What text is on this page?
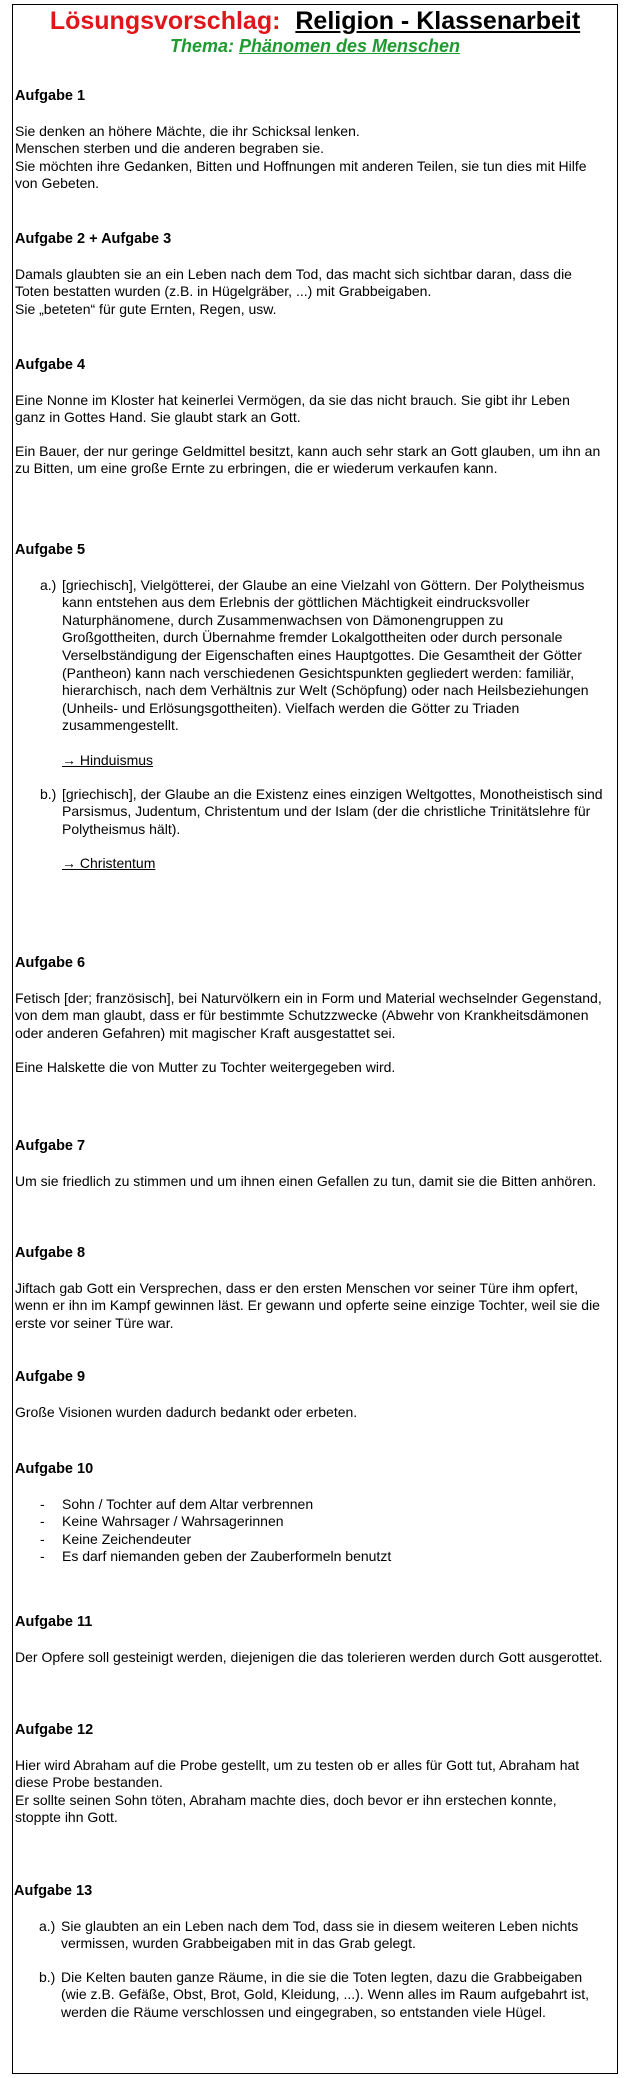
Lösungsvorschlag: Religion - Klassenarbeit
Thema: Phänomen des Menschen

Aufgabe 1

Sie denken an höhere Mächte, die ihr Schicksal lenken.

Menschen sterben und die anderen begraben sie.

Sie möchten ihre Gedanken, Bitten und Hoffnungen mit anderen Teilen, sie tun dies mit Hilfe von Gebeten.

Aufgabe 2 + Aufgabe 3

Damals glaubten sie an ein Leben nach dem Tod, das macht sich sichtbar daran, dass die Toten bestatten wurden (z.B. in Hügelgräber, ...) mit Grabbeigaben.

Sie „beteten“ für gute Ernten, Regen, usw.

Aufgabe 4

Eine Nonne im Kloster hat keinerlei Vermögen, da sie das nicht brauch. Sie gibt ihr Leben ganz in Gottes Hand. Sie glaubt stark an Gott.

Ein Bauer, der nur geringe Geldmittel besitzt, kann auch sehr stark an Gott glauben, um ihn an zu Bitten, um eine große Ernte zu erbringen, die er wiederum verkaufen kann.

Aufgabe 5

a.) [griechisch], Vielgötterei, der Glaube an eine Vielzahl von Göttern. Der Polytheismus kann entstehen aus dem Erlebnis der göttlichen Mächtigkeit eindrucksvoller Naturphänomene, durch Zusammenwachsen von Dämonengruppen zu Großgottheiten, durch Übernahme fremder Lokalgottheiten oder durch personale Verselbständigung der Eigenschaften eines Hauptgottes. Die Gesamtheit der Götter (Pantheon) kann nach verschiedenen Gesichtspunkten gegliedert werden: familiär, hierarchisch, nach dem Verhältnis zur Welt (Schöpfung) oder nach Heilsbeziehungen (Unheils- und Erlösungsgottheiten). Vielfach werden die Götter zu Triaden zusammengestellt.

→ Hinduismus

b.) [griechisch], der Glaube an die Existenz eines einzigen Weltgottes, Monotheistisch sind Parsismus, Judentum, Christentum und der Islam (der die christliche Trinitätslehre für Polytheismus hält).

→ Christentum

Aufgabe 6

Fetisch [der; französisch], bei Naturvölkern ein in Form und Material wechselnder Gegenstand, von dem man glaubt, dass er für bestimmte Schutzzwecke (Abwehr von Krankheitsdämonen oder anderen Gefahren) mit magischer Kraft ausgestattet sei.

Eine Halskette die von Mutter zu Tochter weitergegeben wird.

Aufgabe 7

Um sie friedlich zu stimmen und um ihnen einen Gefallen zu tun, damit sie die Bitten anhören.

Aufgabe 8

Jiftach gab Gott ein Versprechen, dass er den ersten Menschen vor seiner Türe ihm opfert, wenn er ihn im Kampf gewinnen läst. Er gewann und opferte seine einzige Tochter, weil sie die erste vor seiner Türe war.

Aufgabe 9

Große Visionen wurden dadurch bedankt oder erbeten.

Aufgabe 10

- Sohn / Tochter auf dem Altar verbrennen
- Keine Wahrsager / Wahrsagerinnen
- Keine Zeichendeuter
- Es darf niemanden geben der Zauberformeln benutzt

Aufgabe 11

Der Opfere soll gesteinigt werden, diejenigen die das tolerieren werden durch Gott ausgerottet.

Aufgabe 12

Hier wird Abraham auf die Probe gestellt, um zu testen ob er alles für Gott tut, Abraham hat diese Probe bestanden.

Er sollte seinen Sohn töten, Abraham machte dies, doch bevor er ihn erstechen konnte, stoppte ihn Gott.

Aufgabe 13

a.) Sie glaubten an ein Leben nach dem Tod, dass sie in diesem weiteren Leben nichts vermissen, wurden Grabbeigaben mit in das Grab gelegt.

b.) Die Kelten bauten ganze Räume, in die sie die Toten legten, dazu die Grabbeigaben (wie z.B. Gefäße, Obst, Brot, Gold, Kleidung, ...). Wenn alles im Raum aufgebahrt ist, werden die Räume verschlossen und eingegraben, so entstanden viele Hügel.
